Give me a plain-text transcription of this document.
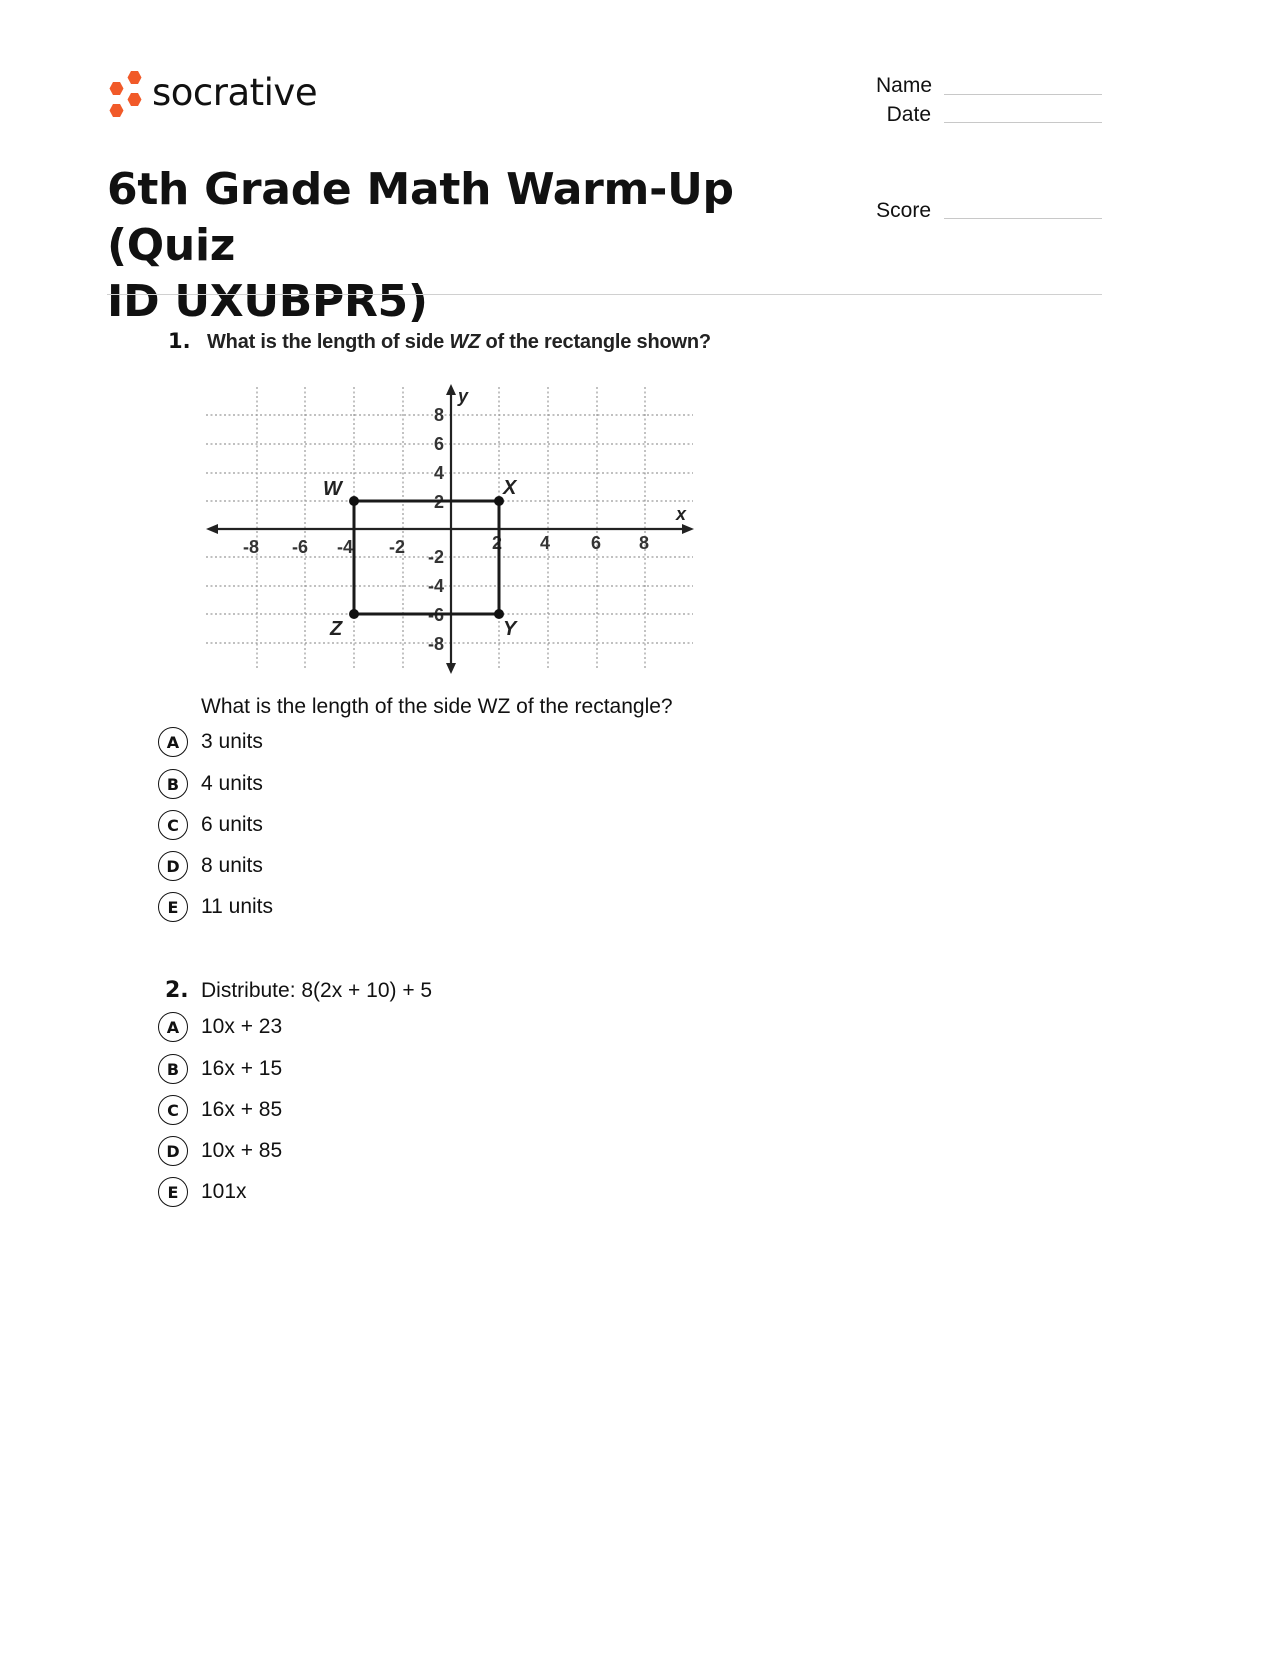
socrative	Name
Date
Score
6th Grade Math Warm-Up (Quiz
ID UXUBPR5)
1. What is the length of side WZ of the rectangle shown?
y
x
-8 -6 -4 -2	2 4 6 8
8
6
4
2
-2
-4
-6
-8
W	X
Y
Z
What is the length of the side WZ of the rectangle?
A	3 units
B	4 units
C	6 units
D	8 units
E	11 units
2. Distribute: 8(2x + 10) + 5
A	10x + 23
B	16x + 15
C	16x + 85
D	10x + 85
E	101x
